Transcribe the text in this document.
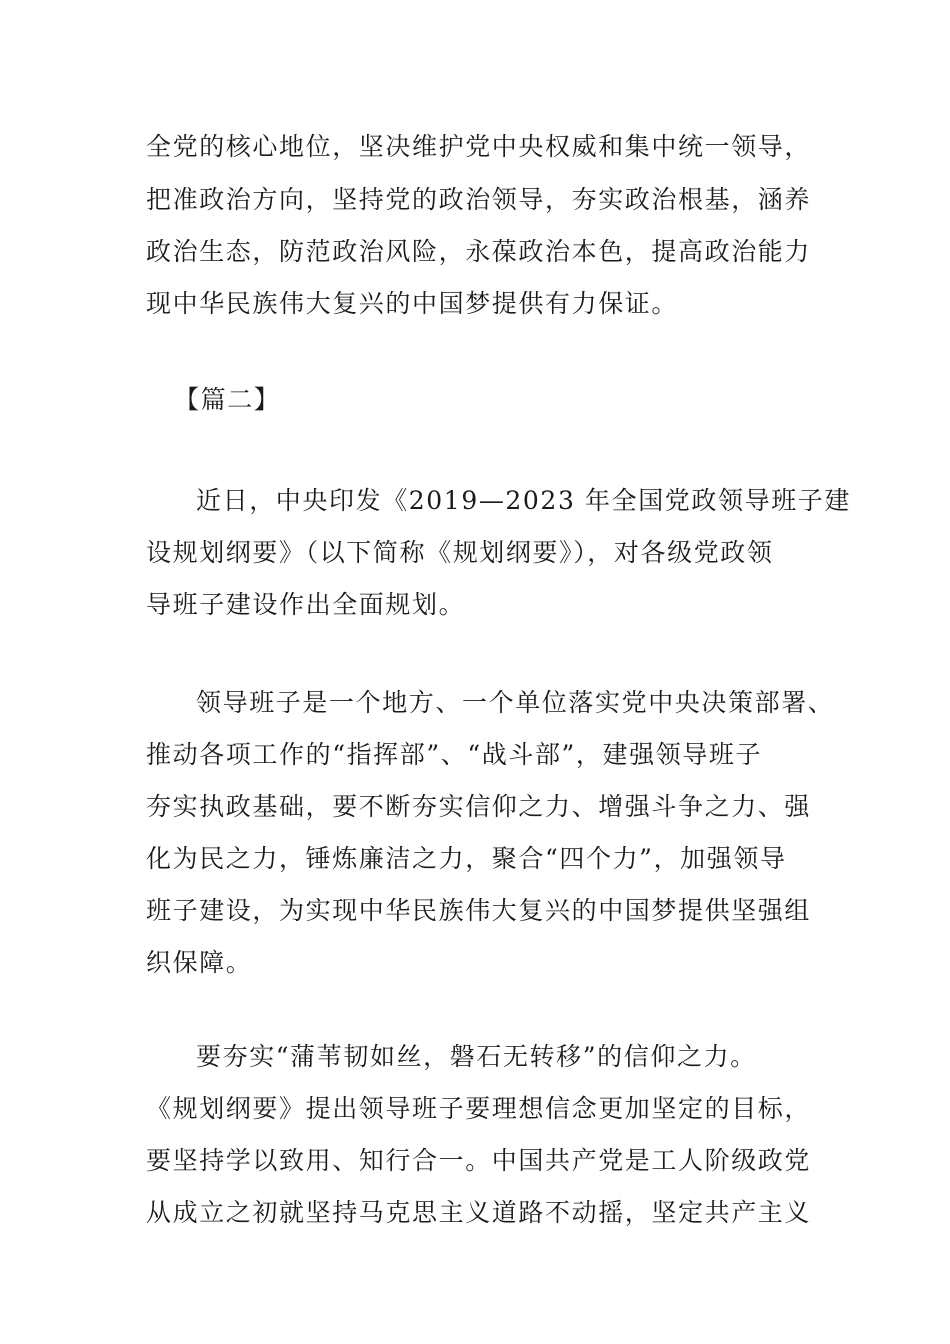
全党的核心地位，坚决维护党中央权威和集中统一领导，
把准政治方向，坚持党的政治领导，夯实政治根基，涵养
政治生态，防范政治风险，永葆政治本色，提高政治能力
现中华民族伟大复兴的中国梦提供有力保证。
【篇二】
近日，中央印发《2019—2023 年全国党政领导班子建
设规划纲要》（以下简称《规划纲要》），对各级党政领
导班子建设作出全面规划。
领导班子是一个地方、一个单位落实党中央决策部署、
推动各项工作的“指挥部”、“战斗部”，建强领导班子
夯实执政基础，要不断夯实信仰之力、增强斗争之力、强
化为民之力，锤炼廉洁之力，聚合“四个力”，加强领导
班子建设，为实现中华民族伟大复兴的中国梦提供坚强组
织保障。
要夯实“蒲苇韧如丝，磐石无转移”的信仰之力。
《规划纲要》提出领导班子要理想信念更加坚定的目标，
要坚持学以致用、知行合一。中国共产党是工人阶级政党
从成立之初就坚持马克思主义道路不动摇，坚定共产主义
